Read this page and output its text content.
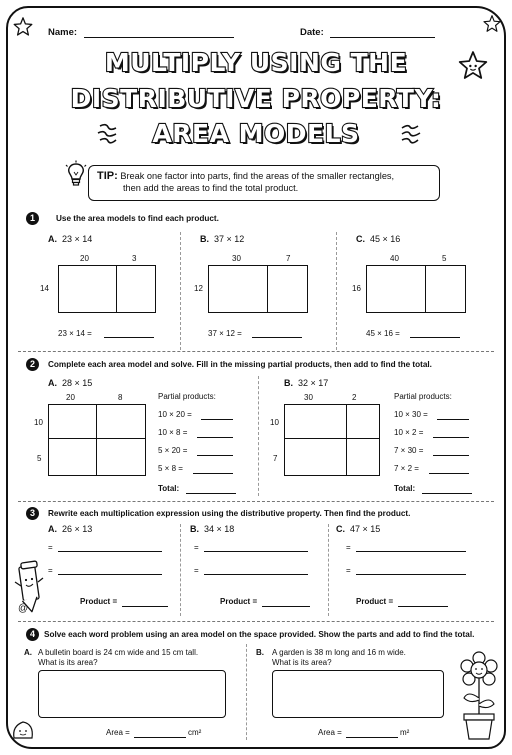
Name:	Date:
MULTIPLY USING THE
DISTRIBUTIVE PROPERTY:
AREA MODELS
TIP: Break one factor into parts, find the areas of the smaller rectangles,
then add the areas to find the total product.
1	Use the area models to find each product.
A. 23 × 14
20	3
14
23 × 14 =
B. 37 × 12
30	7
12
37 × 12 =
C. 45 × 16
40	5
16
45 × 16 =
2	Complete each area model and solve. Fill in the missing partial products, then add to find the total.
A. 28 × 15
20	8
10
5
Partial products:
10 × 20 =
10 × 8 =
5 × 20 =
5 × 8 =
Total:
B. 32 × 17
30	2
10
7
Partial products:
10 × 30 =
10 × 2 =
7 × 30 =
7 × 2 =
Total:
3	Rewrite each multiplication expression using the distributive property. Then find the product.
A. 26 × 13
=
=
Product =
B. 34 × 18
=
=
Product =
C. 47 × 15
=
=
Product =
@
4	Solve each word problem using an area model on the space provided. Show the parts and add to find the total.
A. A bulletin board is 24 cm wide and 15 cm tall.
What is its area?
Area =	cm²
B. A garden is 38 m long and 16 m wide.
What is its area?
Area =	m²
